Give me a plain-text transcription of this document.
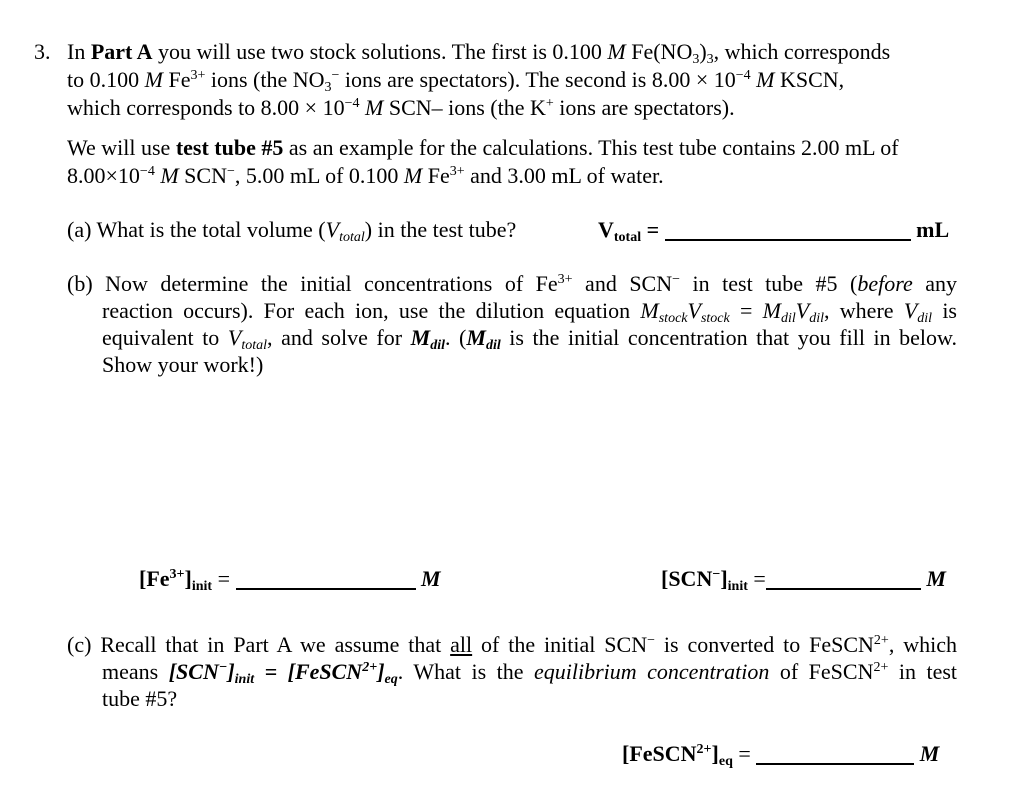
3. In Part A you will use two stock solutions. The first is 0.100 M $Fe(NO_3)_3$, which corresponds
to 0.100 M $Fe^{3+}$ ions (the $NO_3^-$ ions are spectators). The second is $8.00 \times 10^{-4}$ M KSCN,
which corresponds to $8.00 \times 10^{-4}$ M SCN– ions (the K+ ions are spectators).
We will use test tube #5 as an example for the calculations. This test tube contains 2.00 mL of
$8.00\times 10^{-4}$ M SCN−, 5.00 mL of 0.100 M $Fe^{3+}$ and 3.00 mL of water.
(a) What is the total volume $(V_{total})$ in the test tube?	$V_{total}$ =	mL
(b) Now determine the initial concentrations of $Fe^{3+}$ and SCN− in test tube #5 (before any
reaction occurs). For each ion, use the dilution equation $M_{stock}V_{stock} = M_{dil}V_{dil}$, where $V_{dil}$ is
equivalent to $V_{total}$, and solve for $M_{dil}$. ($M_{dil}$ is the initial concentration that you fill in below.
Show your work!)
$[Fe^{3+}]_{init}$ =	M	$[SCN^-]_{init}$ =	M
(c) Recall that in Part A we assume that all of the initial SCN− is converted to FeSCN$^{2+}$, which
means $[SCN^-]_{init}$ = $[FeSCN^{2+}]_{eq}$. What is the equilibrium concentration of FeSCN$^{2+}$ in test
tube #5?
$[FeSCN^{2+}]_{eq}$ =	M
